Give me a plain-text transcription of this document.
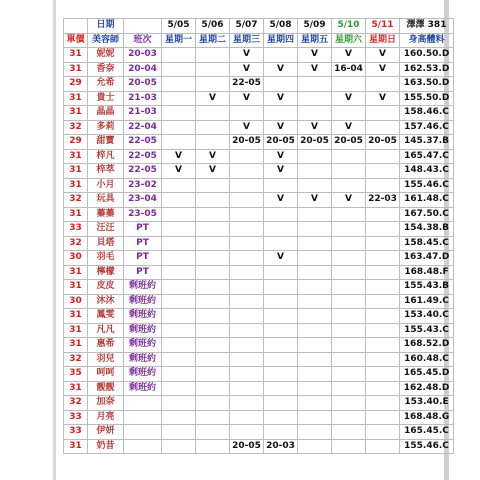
	日期		5/05	5/06	5/07	5/08	5/09	5/10	5/11	澤澤 381
單價	美容師	班次	星期一	星期二	星期三	星期四	星期五	星期六	星期日	身高體料
31	妮妮	20-03			V		V	V	V	160.50.D
31	香奈	20-04			V	V	V	16-04	V	162.53.D
29	允希	20-05			22-05					163.50.D
31	貴士	21-03		V	V	V		V	V	155.50.D
31	晶晶	21-03								158.46.C
32	多莉	22-04			V	V	V	V		157.46.C
29	甜寶	22-05			20-05	20-05	20-05	20-05	20-05	145.37.B
31	梓凡	22-05	V	V		V				165.47.C
31	梓萃	22-05	V	V		V				148.43.C
31	小月	23-02								155.46.C
32	玩具	23-04				V	V	V	22-03	161.48.C
31	蓁蓁	23-05								167.50.C
33	汪汪	PT								154.38.B
32	貝塔	PT								158.45.C
30	羽毛	PT				V				163.47.D
31	檸檬	PT								168.48.F
31	皮皮	剩班約								155.43.B
30	沐沐	剩班約								161.49.C
31	鳳雯	剩班約								153.40.C
31	凡凡	剩班約								155.43.C
31	惠希	剩班約								168.52.D
32	羽兒	剩班約								160.48.C
35	呵呵	剩班約								165.45.D
31	靓靓	剩班約								162.48.D
32	加奈									153.40.E
33	月亮									168.48.G
33	伊妍									165.45.C
31	奶昔				20-05	20-03				155.46.C
